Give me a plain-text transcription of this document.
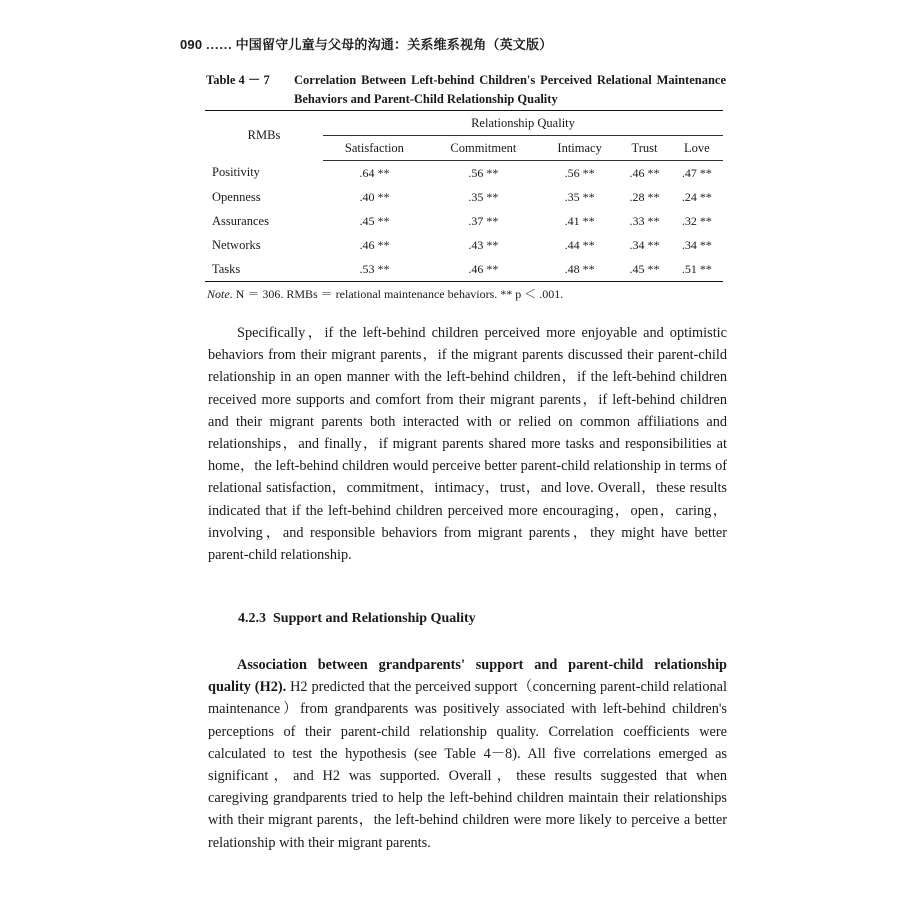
090 …… 中国留守儿童与父母的沟通：关系维系视角（英文版）
Table 4 － 7	Correlation Between Left-behind Children's Perceived Relational Maintenance Behaviors and Parent-Child Relationship Quality
RMBs	Relationship Quality				
	Satisfaction	Commitment	Intimacy	Trust	Love
Positivity	.64 **	.56 **	.56 **	.46 **	.47 **
Openness	.40 **	.35 **	.35 **	.28 **	.24 **
Assurances	.45 **	.37 **	.41 **	.33 **	.32 **
Networks	.46 **	.43 **	.44 **	.34 **	.34 **
Tasks	.53 **	.46 **	.48 **	.45 **	.51 **
Note. N ＝ 306. RMBs ＝ relational maintenance behaviors. ** p ＜ .001.

Specifically，if the left-behind children perceived more enjoyable and optimistic behaviors from their migrant parents，if the migrant parents discussed their parent-child relationship in an open manner with the left-behind children，if the left-behind children received more supports and comfort from their migrant parents，if left-behind children and their migrant parents both interacted with or relied on common affiliations and relationships，and finally，if migrant parents shared more tasks and responsibilities at home，the left-behind children would perceive better parent-child relationship in terms of relational satisfaction，commitment，intimacy，trust，and love. Overall，these results indicated that if the left-behind children perceived more encouraging，open，caring，involving，and responsible behaviors from migrant parents，they might have better parent-child relationship.

4.2.3 Support and Relationship Quality

Association between grandparents' support and parent-child relationship quality (H2). H2 predicted that the perceived support（concerning parent-child relational maintenance）from grandparents was positively associated with left-behind children's perceptions of their parent-child relationship quality. Correlation coefficients were calculated to test the hypothesis (see Table 4－8). All five correlations emerged as significant，and H2 was supported. Overall，these results suggested that when caregiving grandparents tried to help the left-behind children maintain their relationships with their migrant parents，the left-behind children were more likely to perceive a better relationship with their migrant parents.
